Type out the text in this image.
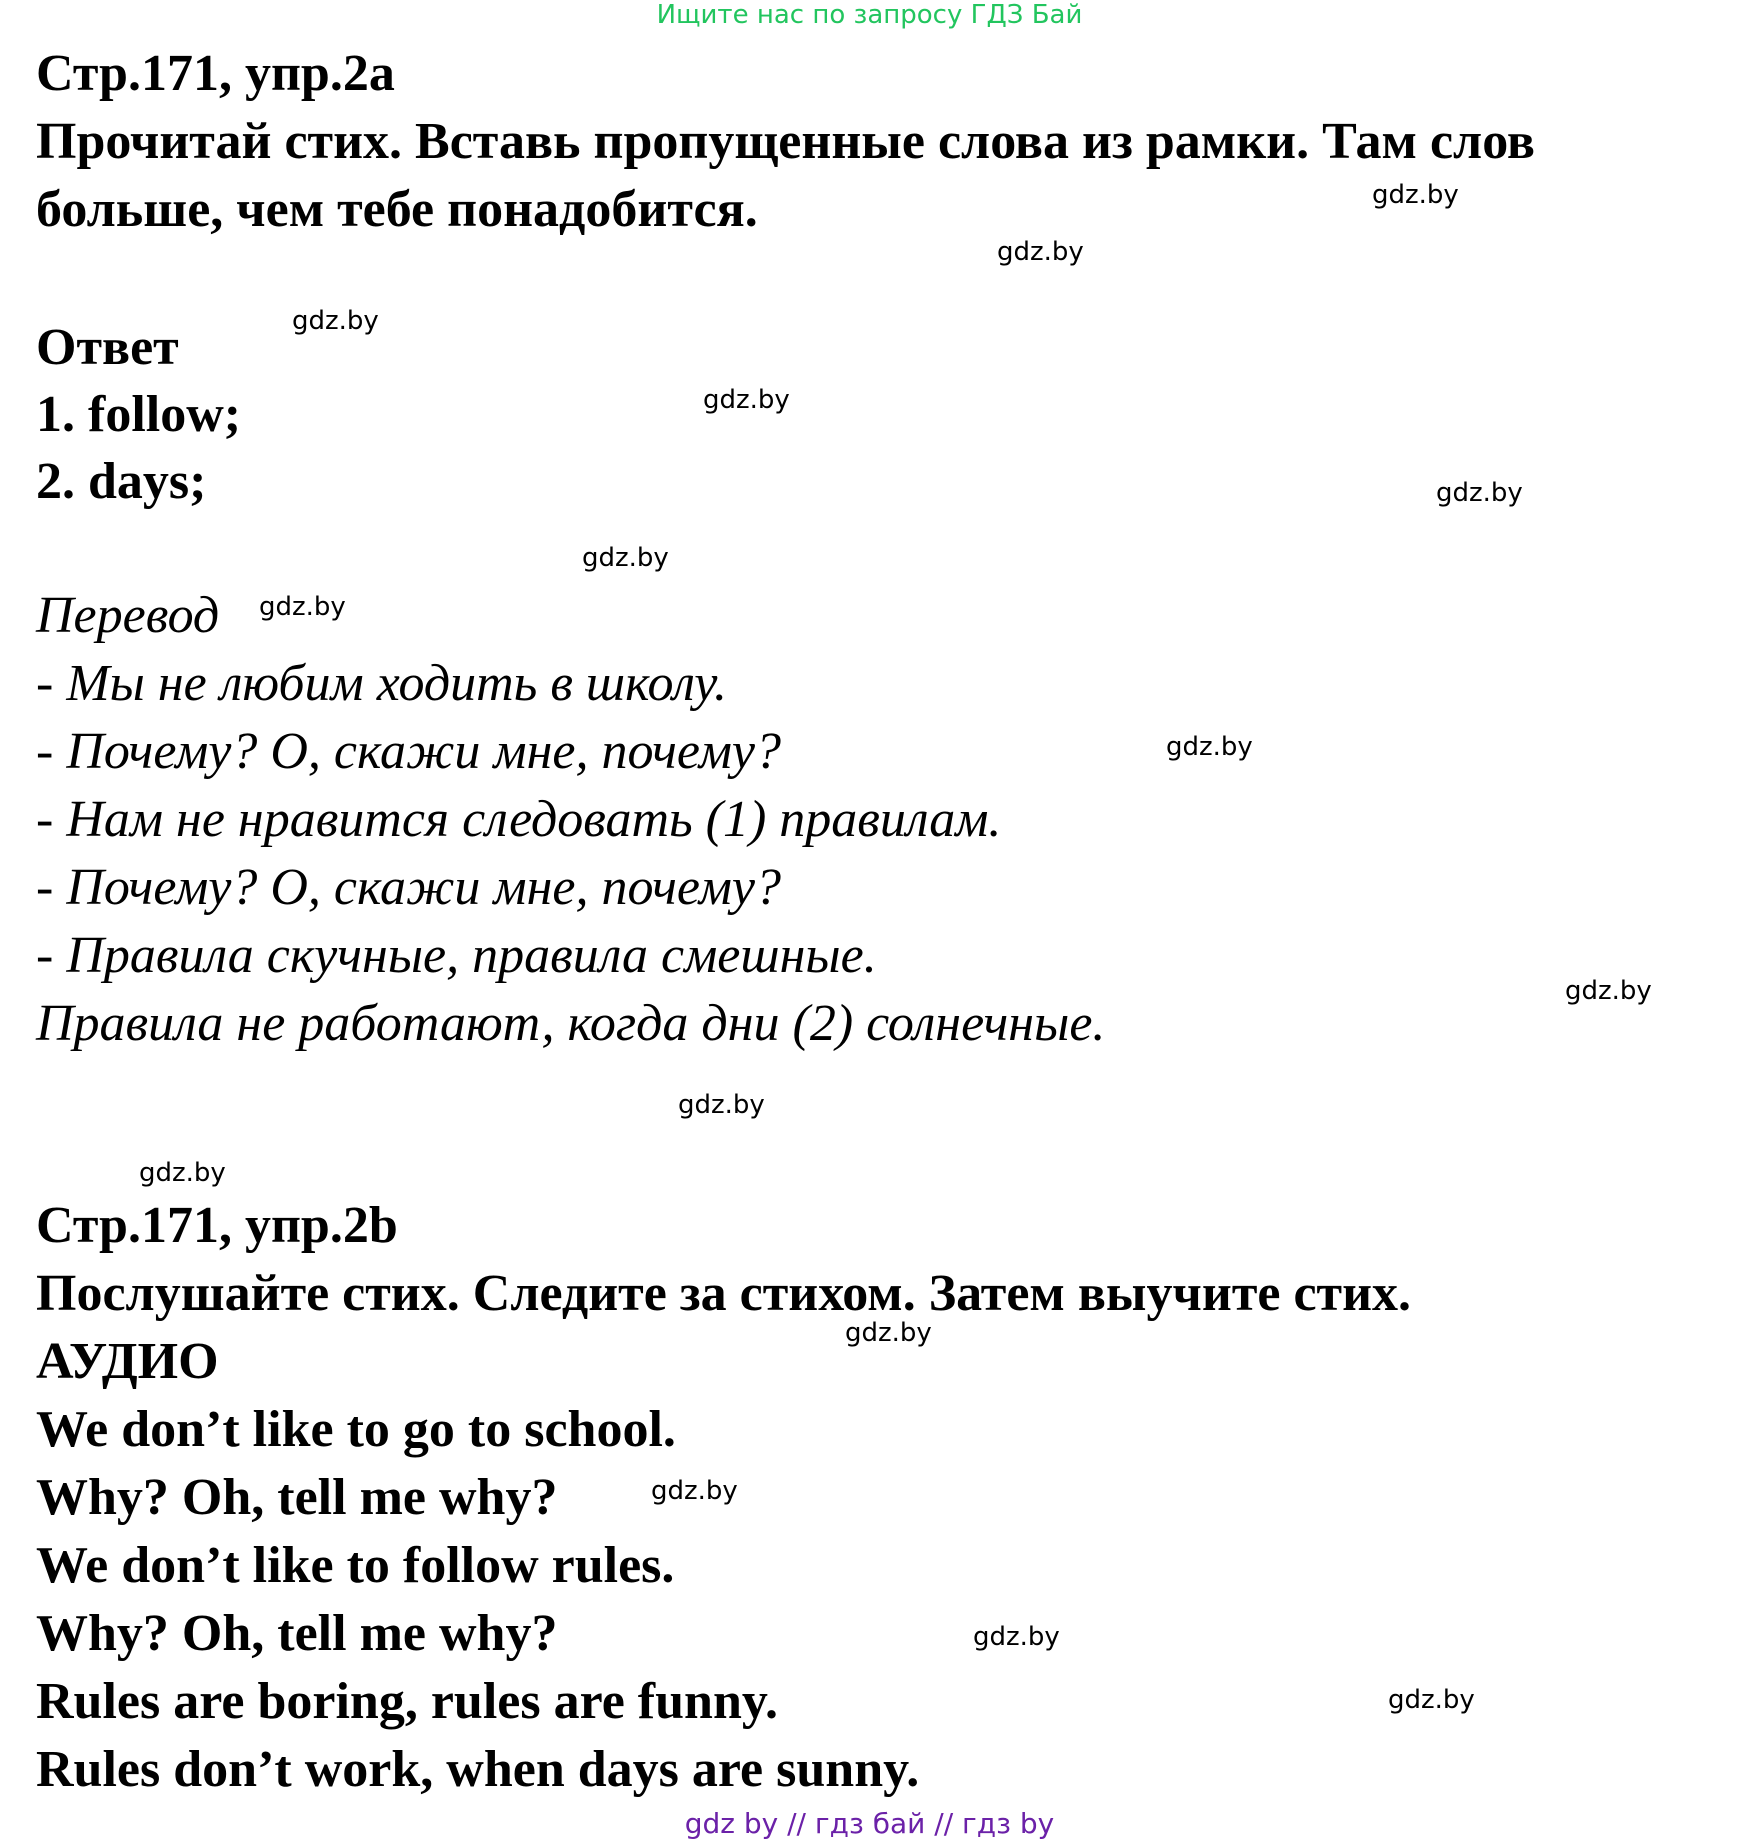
Ищите нас по запросу ГДЗ Бай
Стр.171, упр.2a
Прочитай стих. Вставь пропущенные слова из рамки. Там слов
больше, чем тебе понадобится.
Ответ
1. follow;
2. days;
Перевод
- Мы не любим ходить в школу.
- Почему? О, скажи мне, почему?
- Нам не нравится следовать (1) правилам.
- Почему? О, скажи мне, почему?
- Правила скучные, правила смешные.
Правила не работают, когда дни (2) солнечные.
Стр.171, упр.2b
Послушайте стих. Следите за стихом. Затем выучите стих.
АУДИО
We don’t like to go to school.
Why? Oh, tell me why?
We don’t like to follow rules.
Why? Oh, tell me why?
Rules are boring, rules are funny.
Rules don’t work, when days are sunny.
gdz.by
gdz.by
gdz.by
gdz.by
gdz.by
gdz.by
gdz.by
gdz.by
gdz.by
gdz.by
gdz.by
gdz.by
gdz.by
gdz.by
gdz.by
gdz by // гдз бай // гдз by
